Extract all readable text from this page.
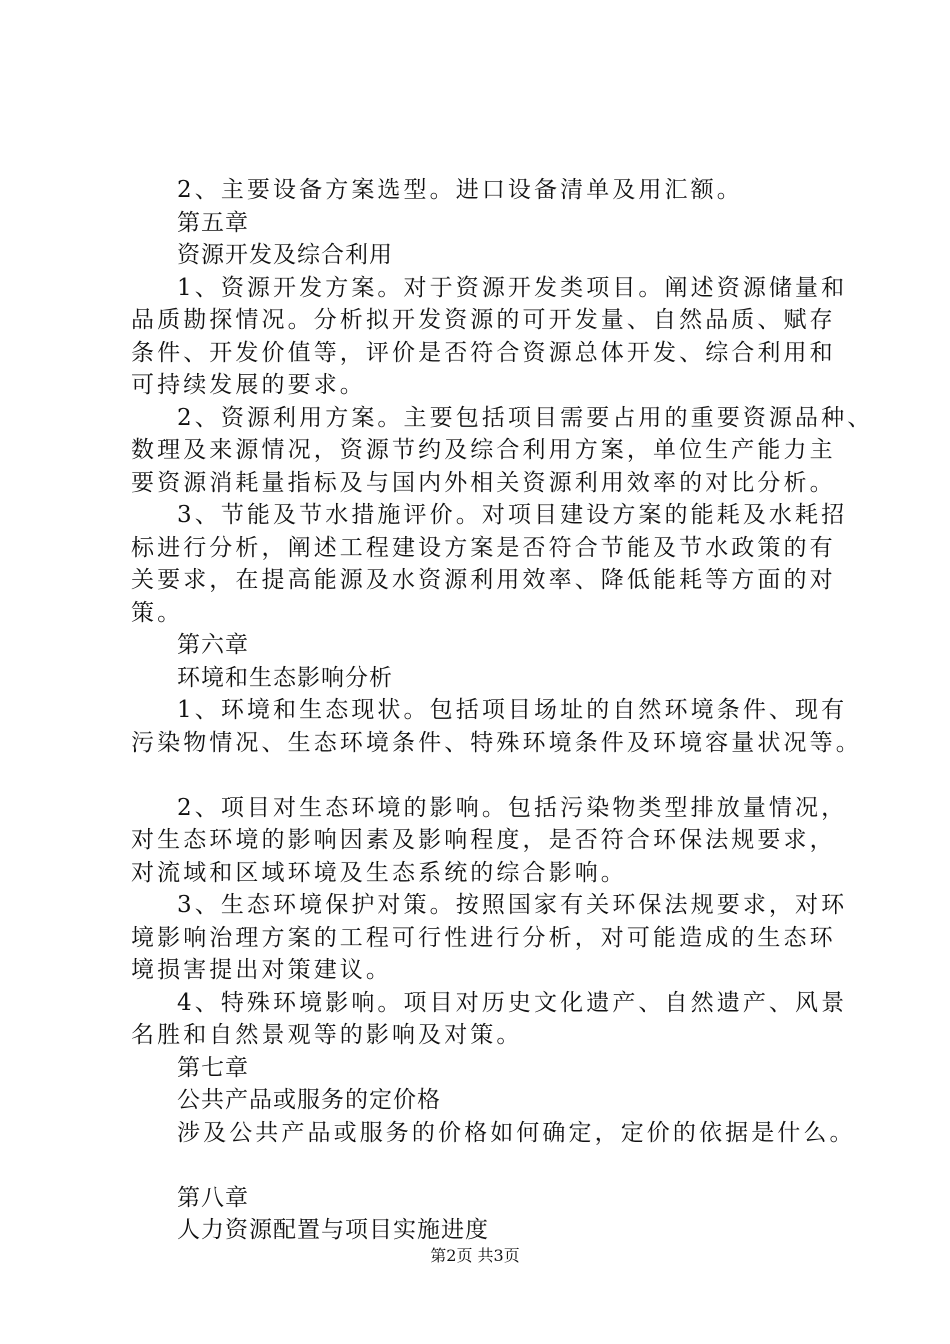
2、主要设备方案选型。进口设备清单及用汇额。
第五章
资源开发及综合利用
1、资源开发方案。对于资源开发类项目。阐述资源储量和
品质勘探情况。分析拟开发资源的可开发量、自然品质、赋存
条件、开发价值等，评价是否符合资源总体开发、综合利用和
可持续发展的要求。
2、资源利用方案。主要包括项目需要占用的重要资源品种、
数理及来源情况，资源节约及综合利用方案，单位生产能力主
要资源消耗量指标及与国内外相关资源利用效率的对比分析。
3、节能及节水措施评价。对项目建设方案的能耗及水耗招
标进行分析，阐述工程建设方案是否符合节能及节水政策的有
关要求，在提高能源及水资源利用效率、降低能耗等方面的对
策。
第六章
环境和生态影响分析
1、环境和生态现状。包括项目场址的自然环境条件、现有
污染物情况、生态环境条件、特殊环境条件及环境容量状况等。
2、项目对生态环境的影响。包括污染物类型排放量情况，
对生态环境的影响因素及影响程度，是否符合环保法规要求，
对流域和区域环境及生态系统的综合影响。
3、生态环境保护对策。按照国家有关环保法规要求，对环
境影响治理方案的工程可行性进行分析，对可能造成的生态环
境损害提出对策建议。
4、特殊环境影响。项目对历史文化遗产、自然遗产、风景
名胜和自然景观等的影响及对策。
第七章
公共产品或服务的定价格
涉及公共产品或服务的价格如何确定，定价的依据是什么。
第八章
人力资源配置与项目实施进度
第2页 共3页
